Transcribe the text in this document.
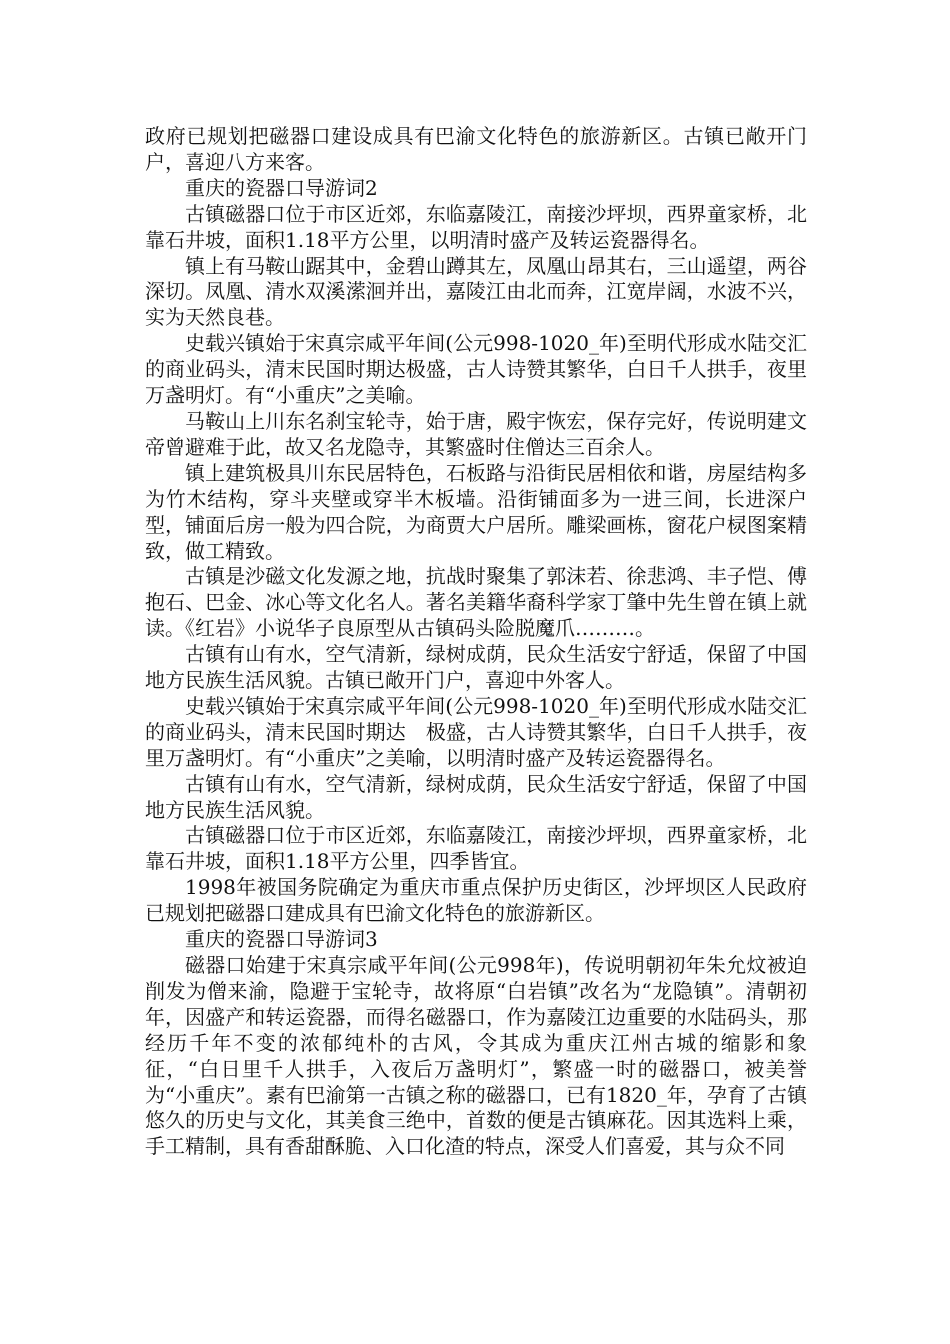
政府已规划把磁器口建设成具有巴渝文化特色的旅游新区。古镇已敞开门户，喜迎八方来客。

重庆的瓷器口导游词2

古镇磁器口位于市区近郊，东临嘉陵江，南接沙坪坝，西界童家桥，北靠石井坡，面积1.18平方公里，以明清时盛产及转运瓷器得名。

镇上有马鞍山踞其中，金碧山蹲其左，凤凰山昂其右，三山遥望，两谷深切。凤凰、清水双溪潆洄并出，嘉陵江由北而奔，江宽岸阔，水波不兴，实为天然良巷。

史载兴镇始于宋真宗咸平年间(公元998-1020_年)至明代形成水陆交汇的商业码头，清末民国时期达极盛，古人诗赞其繁华，白日千人拱手，夜里万盏明灯。有“小重庆”之美喻。

马鞍山上川东名刹宝轮寺，始于唐，殿宇恢宏，保存完好，传说明建文帝曾避难于此，故又名龙隐寺，其繁盛时住僧达三百余人。

镇上建筑极具川东民居特色，石板路与沿街民居相依和谐，房屋结构多为竹木结构，穿斗夹壁或穿半木板墙。沿街铺面多为一进三间，长进深户型，铺面后房一般为四合院，为商贾大户居所。雕梁画栋，窗花户棂图案精致，做工精致。

古镇是沙磁文化发源之地，抗战时聚集了郭沫若、徐悲鸿、丰子恺、傅抱石、巴金、冰心等文化名人。著名美籍华裔科学家丁肇中先生曾在镇上就读。《红岩》小说华子良原型从古镇码头险脱魔爪………。

古镇有山有水，空气清新，绿树成荫，民众生活安宁舒适，保留了中国地方民族生活风貌。古镇已敞开门户，喜迎中外客人。

史载兴镇始于宋真宗咸平年间(公元998-1020_年)至明代形成水陆交汇的商业码头，清末民国时期达　极盛，古人诗赞其繁华，白日千人拱手，夜里万盏明灯。有“小重庆”之美喻，以明清时盛产及转运瓷器得名。

古镇有山有水，空气清新，绿树成荫，民众生活安宁舒适，保留了中国地方民族生活风貌。

古镇磁器口位于市区近郊，东临嘉陵江，南接沙坪坝，西界童家桥，北靠石井坡，面积1.18平方公里，四季皆宜。

1998年被国务院确定为重庆市重点保护历史街区，沙坪坝区人民政府已规划把磁器口建成具有巴渝文化特色的旅游新区。

重庆的瓷器口导游词3

磁器口始建于宋真宗咸平年间(公元998年)，传说明朝初年朱允炆被迫削发为僧来渝，隐避于宝轮寺，故将原“白岩镇”改名为“龙隐镇”。清朝初年，因盛产和转运瓷器，而得名磁器口，作为嘉陵江边重要的水陆码头，那经历千年不变的浓郁纯朴的古风，令其成为重庆江州古城的缩影和象征，“白日里千人拱手，入夜后万盏明灯”，繁盛一时的磁器口，被美誉为“小重庆”。素有巴渝第一古镇之称的磁器口，已有1820_年，孕育了古镇悠久的历史与文化，其美食三绝中，首数的便是古镇麻花。因其选料上乘，手工精制，具有香甜酥脆、入口化渣的特点，深受人们喜爱，其与众不同
